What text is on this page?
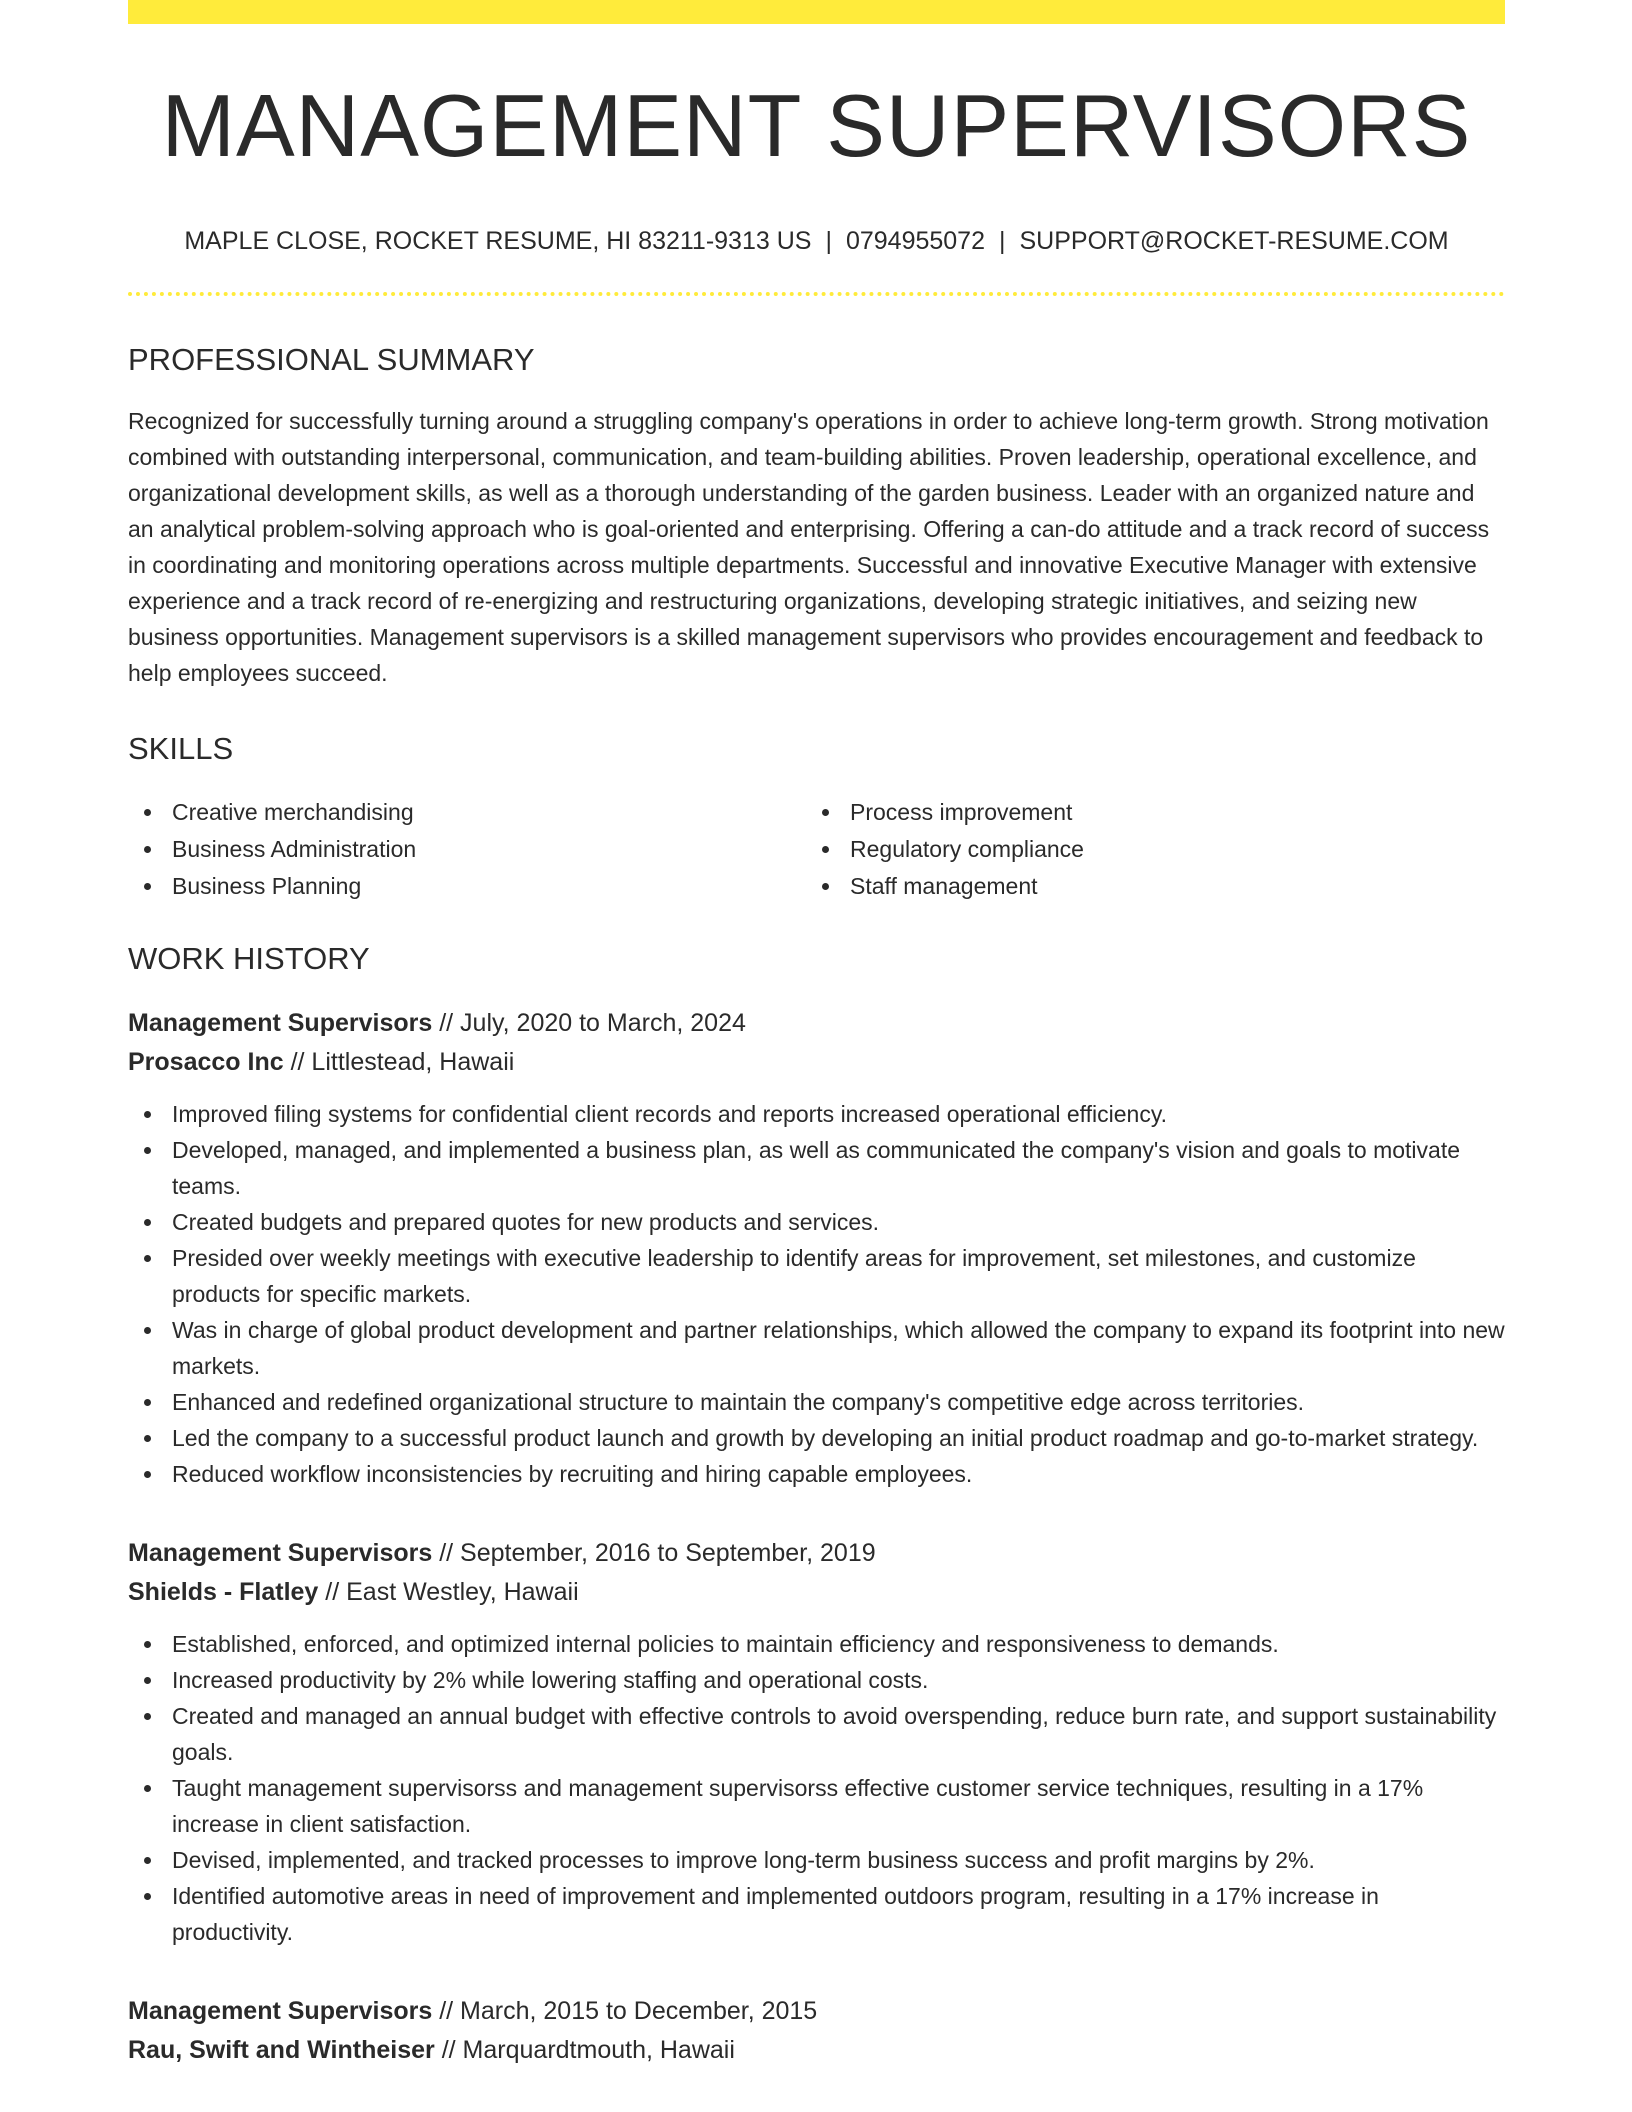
MANAGEMENT SUPERVISORS
MAPLE CLOSE, ROCKET RESUME, HI 83211-9313 US | 0794955072 | SUPPORT@ROCKET-RESUME.COM
PROFESSIONAL SUMMARY

Recognized for successfully turning around a struggling company's operations in order to achieve long-term growth. Strong motivation combined with outstanding interpersonal, communication, and team-building abilities. Proven leadership, operational excellence, and organizational development skills, as well as a thorough understanding of the garden business. Leader with an organized nature and an analytical problem-solving approach who is goal-oriented and enterprising. Offering a can-do attitude and a track record of success in coordinating and monitoring operations across multiple departments. Successful and innovative Executive Manager with extensive experience and a track record of re-energizing and restructuring organizations, developing strategic initiatives, and seizing new business opportunities. Management supervisors is a skilled management supervisors who provides encouragement and feedback to help employees succeed.

SKILLS
Creative merchandising
Business Administration
Business Planning
Process improvement
Regulatory compliance
Staff management
WORK HISTORY
Management Supervisors // July, 2020 to March, 2024
Prosacco Inc // Littlestead, Hawaii
Improved filing systems for confidential client records and reports increased operational efficiency.
Developed, managed, and implemented a business plan, as well as communicated the company's vision and goals to motivate teams.
Created budgets and prepared quotes for new products and services.
Presided over weekly meetings with executive leadership to identify areas for improvement, set milestones, and customize products for specific markets.
Was in charge of global product development and partner relationships, which allowed the company to expand its footprint into new markets.
Enhanced and redefined organizational structure to maintain the company's competitive edge across territories.
Led the company to a successful product launch and growth by developing an initial product roadmap and go-to-market strategy.
Reduced workflow inconsistencies by recruiting and hiring capable employees.
Management Supervisors // September, 2016 to September, 2019
Shields - Flatley // East Westley, Hawaii
Established, enforced, and optimized internal policies to maintain efficiency and responsiveness to demands.
Increased productivity by 2% while lowering staffing and operational costs.
Created and managed an annual budget with effective controls to avoid overspending, reduce burn rate, and support sustainability goals.
Taught management supervisorss and management supervisorss effective customer service techniques, resulting in a 17% increase in client satisfaction.
Devised, implemented, and tracked processes to improve long-term business success and profit margins by 2%.
Identified automotive areas in need of improvement and implemented outdoors program, resulting in a 17% increase in productivity.
Management Supervisors // March, 2015 to December, 2015
Rau, Swift and Wintheiser // Marquardtmouth, Hawaii
